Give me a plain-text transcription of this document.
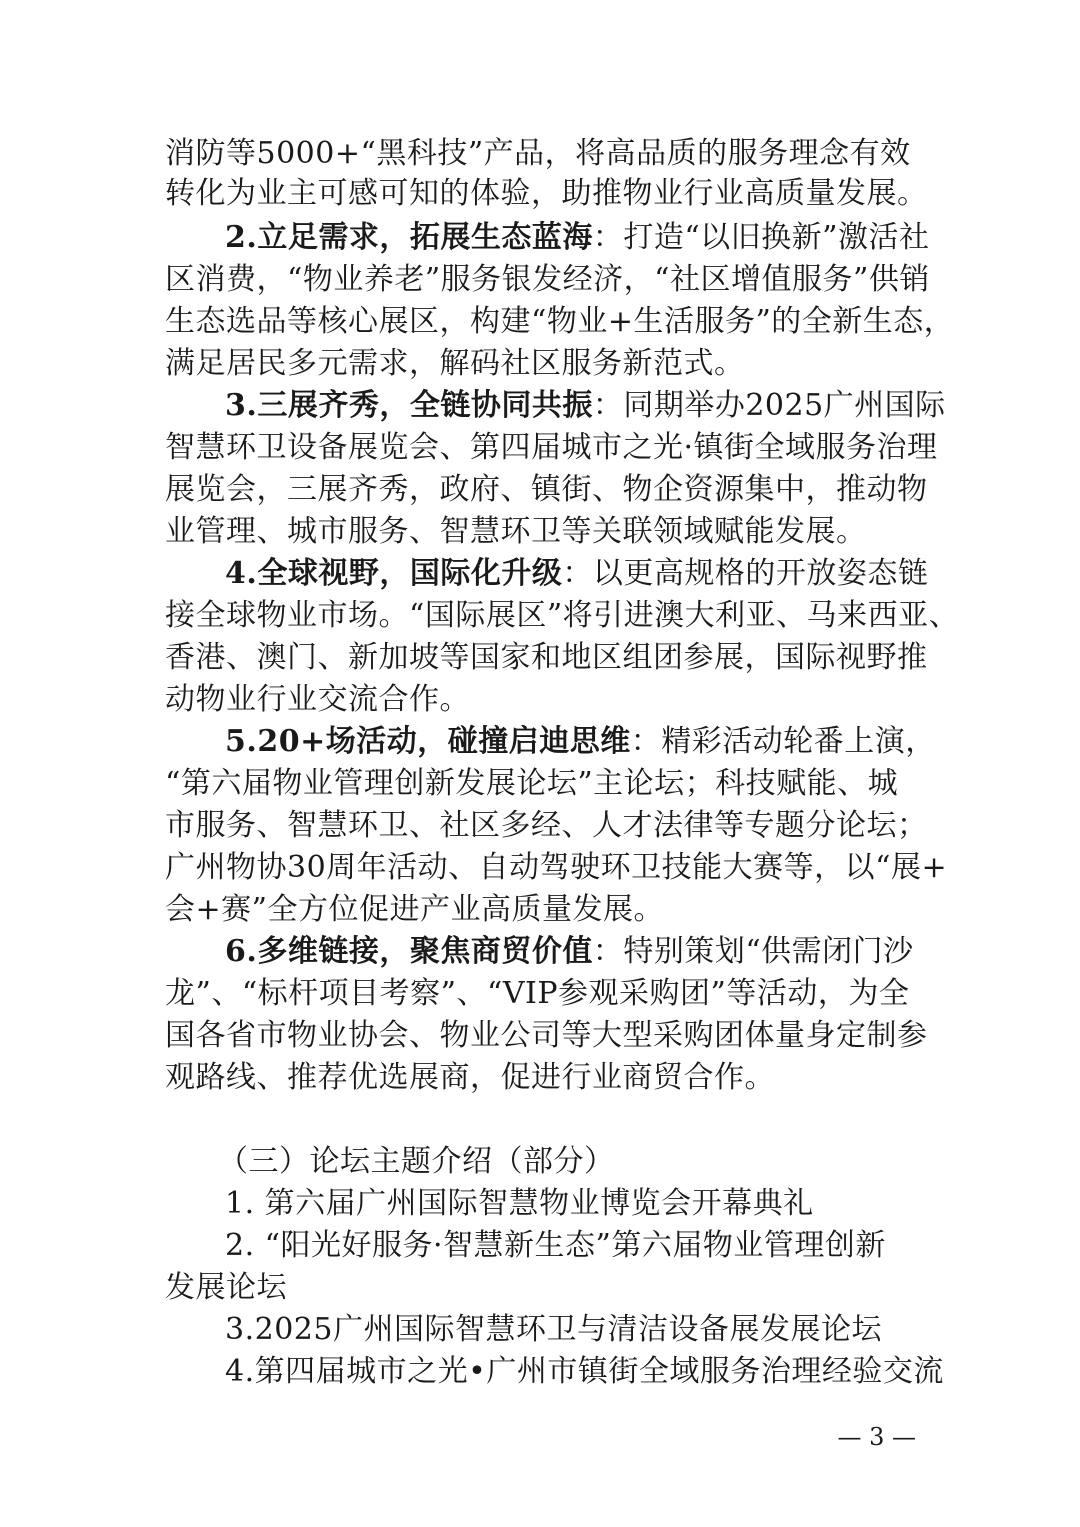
消防等5000+“黑科技”产品，将高品质的服务理念有效
转化为业主可感可知的体验，助推物业行业高质量发展。
2.立足需求，拓展生态蓝海：打造“以旧换新”激活社
区消费，“物业养老”服务银发经济，“社区增值服务”供销
生态选品等核心展区，构建“物业+生活服务”的全新生态，
满足居民多元需求，解码社区服务新范式。
3.三展齐秀，全链协同共振：同期举办2025广州国际
智慧环卫设备展览会、第四届城市之光·镇街全域服务治理
展览会，三展齐秀，政府、镇街、物企资源集中，推动物
业管理、城市服务、智慧环卫等关联领域赋能发展。
4.全球视野，国际化升级：以更高规格的开放姿态链
接全球物业市场。“国际展区”将引进澳大利亚、马来西亚、
香港、澳门、新加坡等国家和地区组团参展，国际视野推
动物业行业交流合作。
5.20+场活动，碰撞启迪思维：精彩活动轮番上演，
“第六届物业管理创新发展论坛”主论坛；科技赋能、城
市服务、智慧环卫、社区多经、人才法律等专题分论坛；
广州物协30周年活动、自动驾驶环卫技能大赛等，以“展+
会+赛”全方位促进产业高质量发展。
6.多维链接，聚焦商贸价值：特别策划“供需闭门沙
龙”、“标杆项目考察”、“VIP参观采购团”等活动，为全
国各省市物业协会、物业公司等大型采购团体量身定制参
观路线、推荐优选展商，促进行业商贸合作。
（三）论坛主题介绍（部分）
1. 第六届广州国际智慧物业博览会开幕典礼
2. “阳光好服务·智慧新生态”第六届物业管理创新
发展论坛
3.2025广州国际智慧环卫与清洁设备展发展论坛
4.第四届城市之光•广州市镇街全域服务治理经验交流
— 3 —
